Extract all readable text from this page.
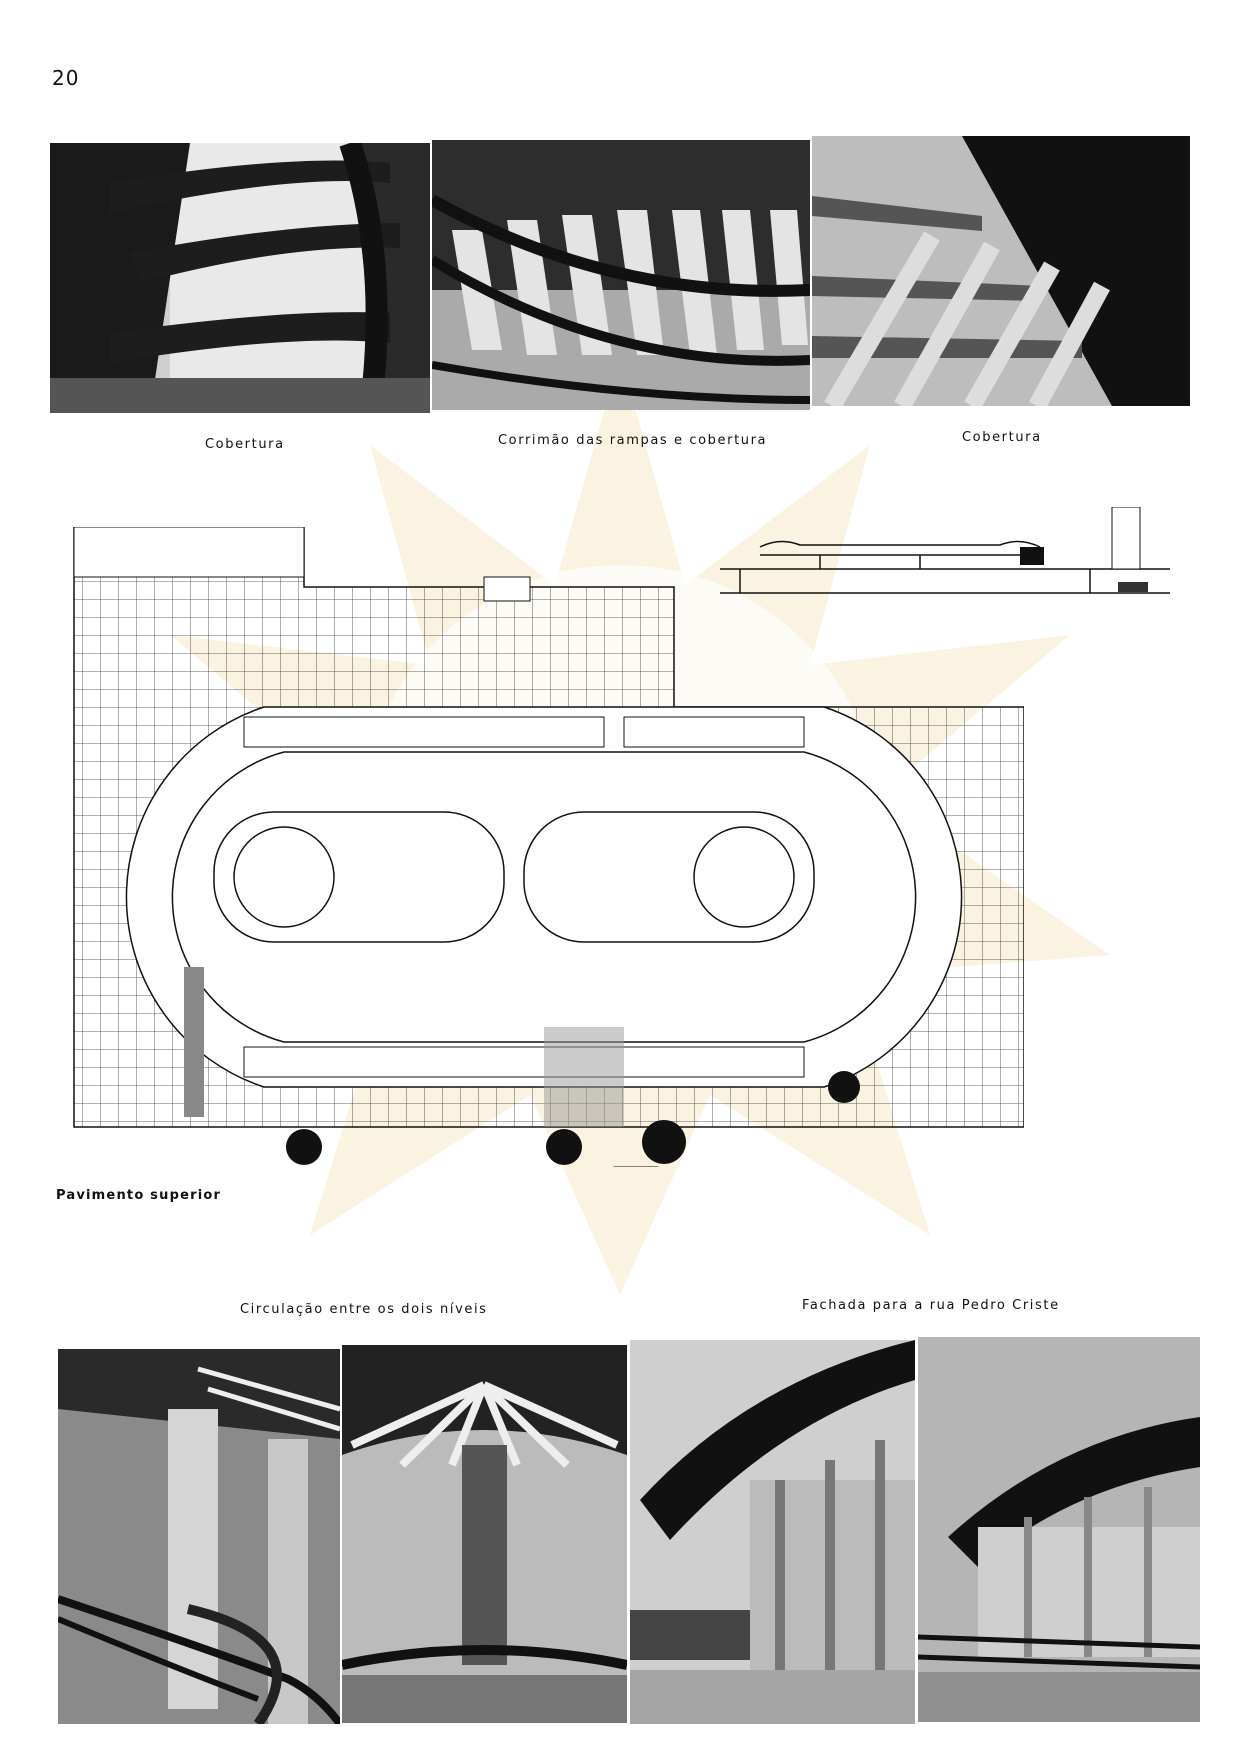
20
Cobertura	Corrimão das rampas e cobertura	Cobertura
Pavimento superior
Circulação entre os dois níveis	Fachada para a rua Pedro Criste
